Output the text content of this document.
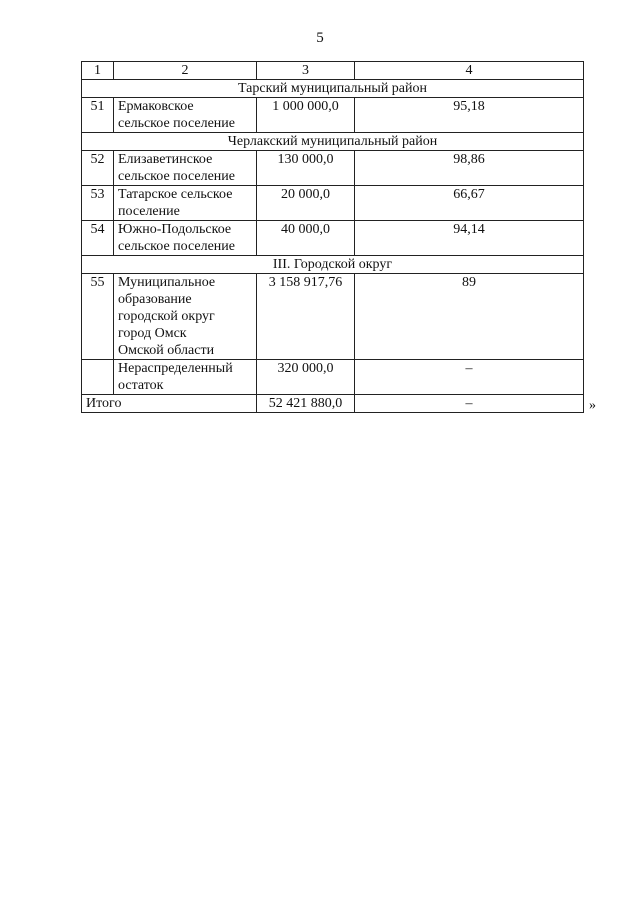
5
1	2	3	4
Тарский муниципальный район			
51	Ермаковское
сельское поселение	1 000 000,0	95,18
Черлакский муниципальный район			
52	Елизаветинское
сельское поселение	130 000,0	98,86
53	Татарское сельское
поселение	20 000,0	66,67
54	Южно-Подольское
сельское поселение	40 000,0	94,14
III. Городской округ			
55	Муниципальное
образование
городской округ
город Омск
Омской области	3 158 917,76	89

	Нераспределенный
остаток	320 000,0	–
Итого		52 421 880,0	–	»
